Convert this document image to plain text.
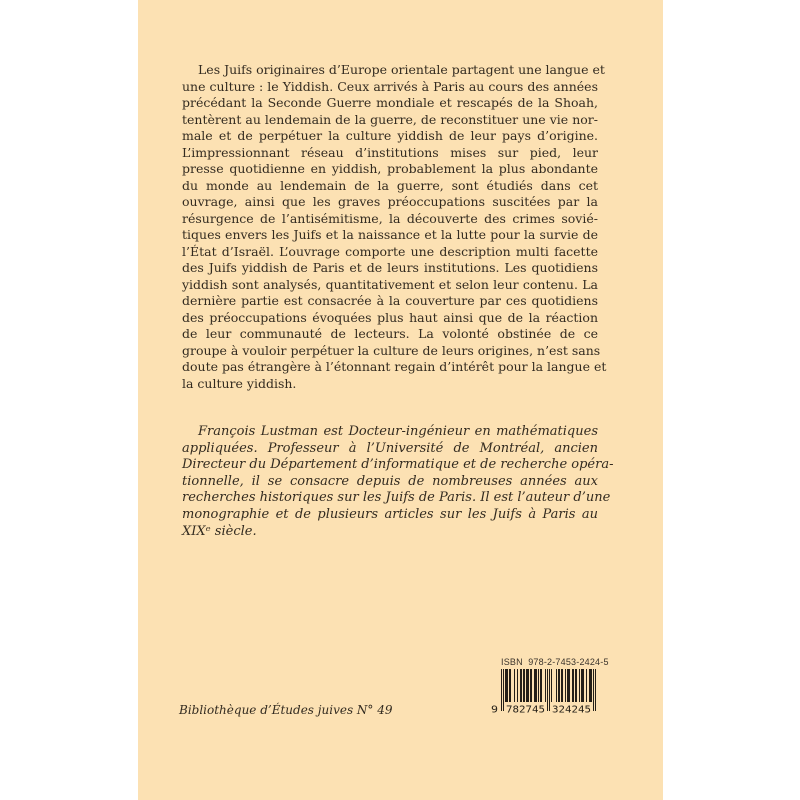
Les Juifs originaires d’Europe orientale partagent une langue et
une culture : le Yiddish. Ceux arrivés à Paris au cours des années
précédant la Seconde Guerre mondiale et rescapés de la Shoah,
tentèrent au lendemain de la guerre, de reconstituer une vie nor-
male et de perpétuer la culture yiddish de leur pays d’origine.
L’impressionnant réseau d’institutions mises sur pied, leur
presse quotidienne en yiddish, probablement la plus abondante
du monde au lendemain de la guerre, sont étudiés dans cet
ouvrage, ainsi que les graves préoccupations suscitées par la
résurgence de l’antisémitisme, la découverte des crimes sovié-
tiques envers les Juifs et la naissance et la lutte pour la survie de
l’État d’Israël. L’ouvrage comporte une description multi facette
des Juifs yiddish de Paris et de leurs institutions. Les quotidiens
yiddish sont analysés, quantitativement et selon leur contenu. La
dernière partie est consacrée à la couverture par ces quotidiens
des préoccupations évoquées plus haut ainsi que de la réaction
de leur communauté de lecteurs. La volonté obstinée de ce
groupe à vouloir perpétuer la culture de leurs origines, n’est sans
doute pas étrangère à l’étonnant regain d’intérêt pour la langue et
la culture yiddish.
François Lustman est Docteur-ingénieur en mathématiques
appliquées. Professeur à l’Université de Montréal, ancien
Directeur du Département d’informatique et de recherche opéra-
tionnelle, il se consacre depuis de nombreuses années aux
recherches historiques sur les Juifs de Paris. Il est l’auteur d’une
monographie et de plusieurs articles sur les Juifs à Paris au
XIXᵉ siècle.
Bibliothèque d’Études juives N° 49
ISBN  978-2-7453-2424-5
9 782745 324245
